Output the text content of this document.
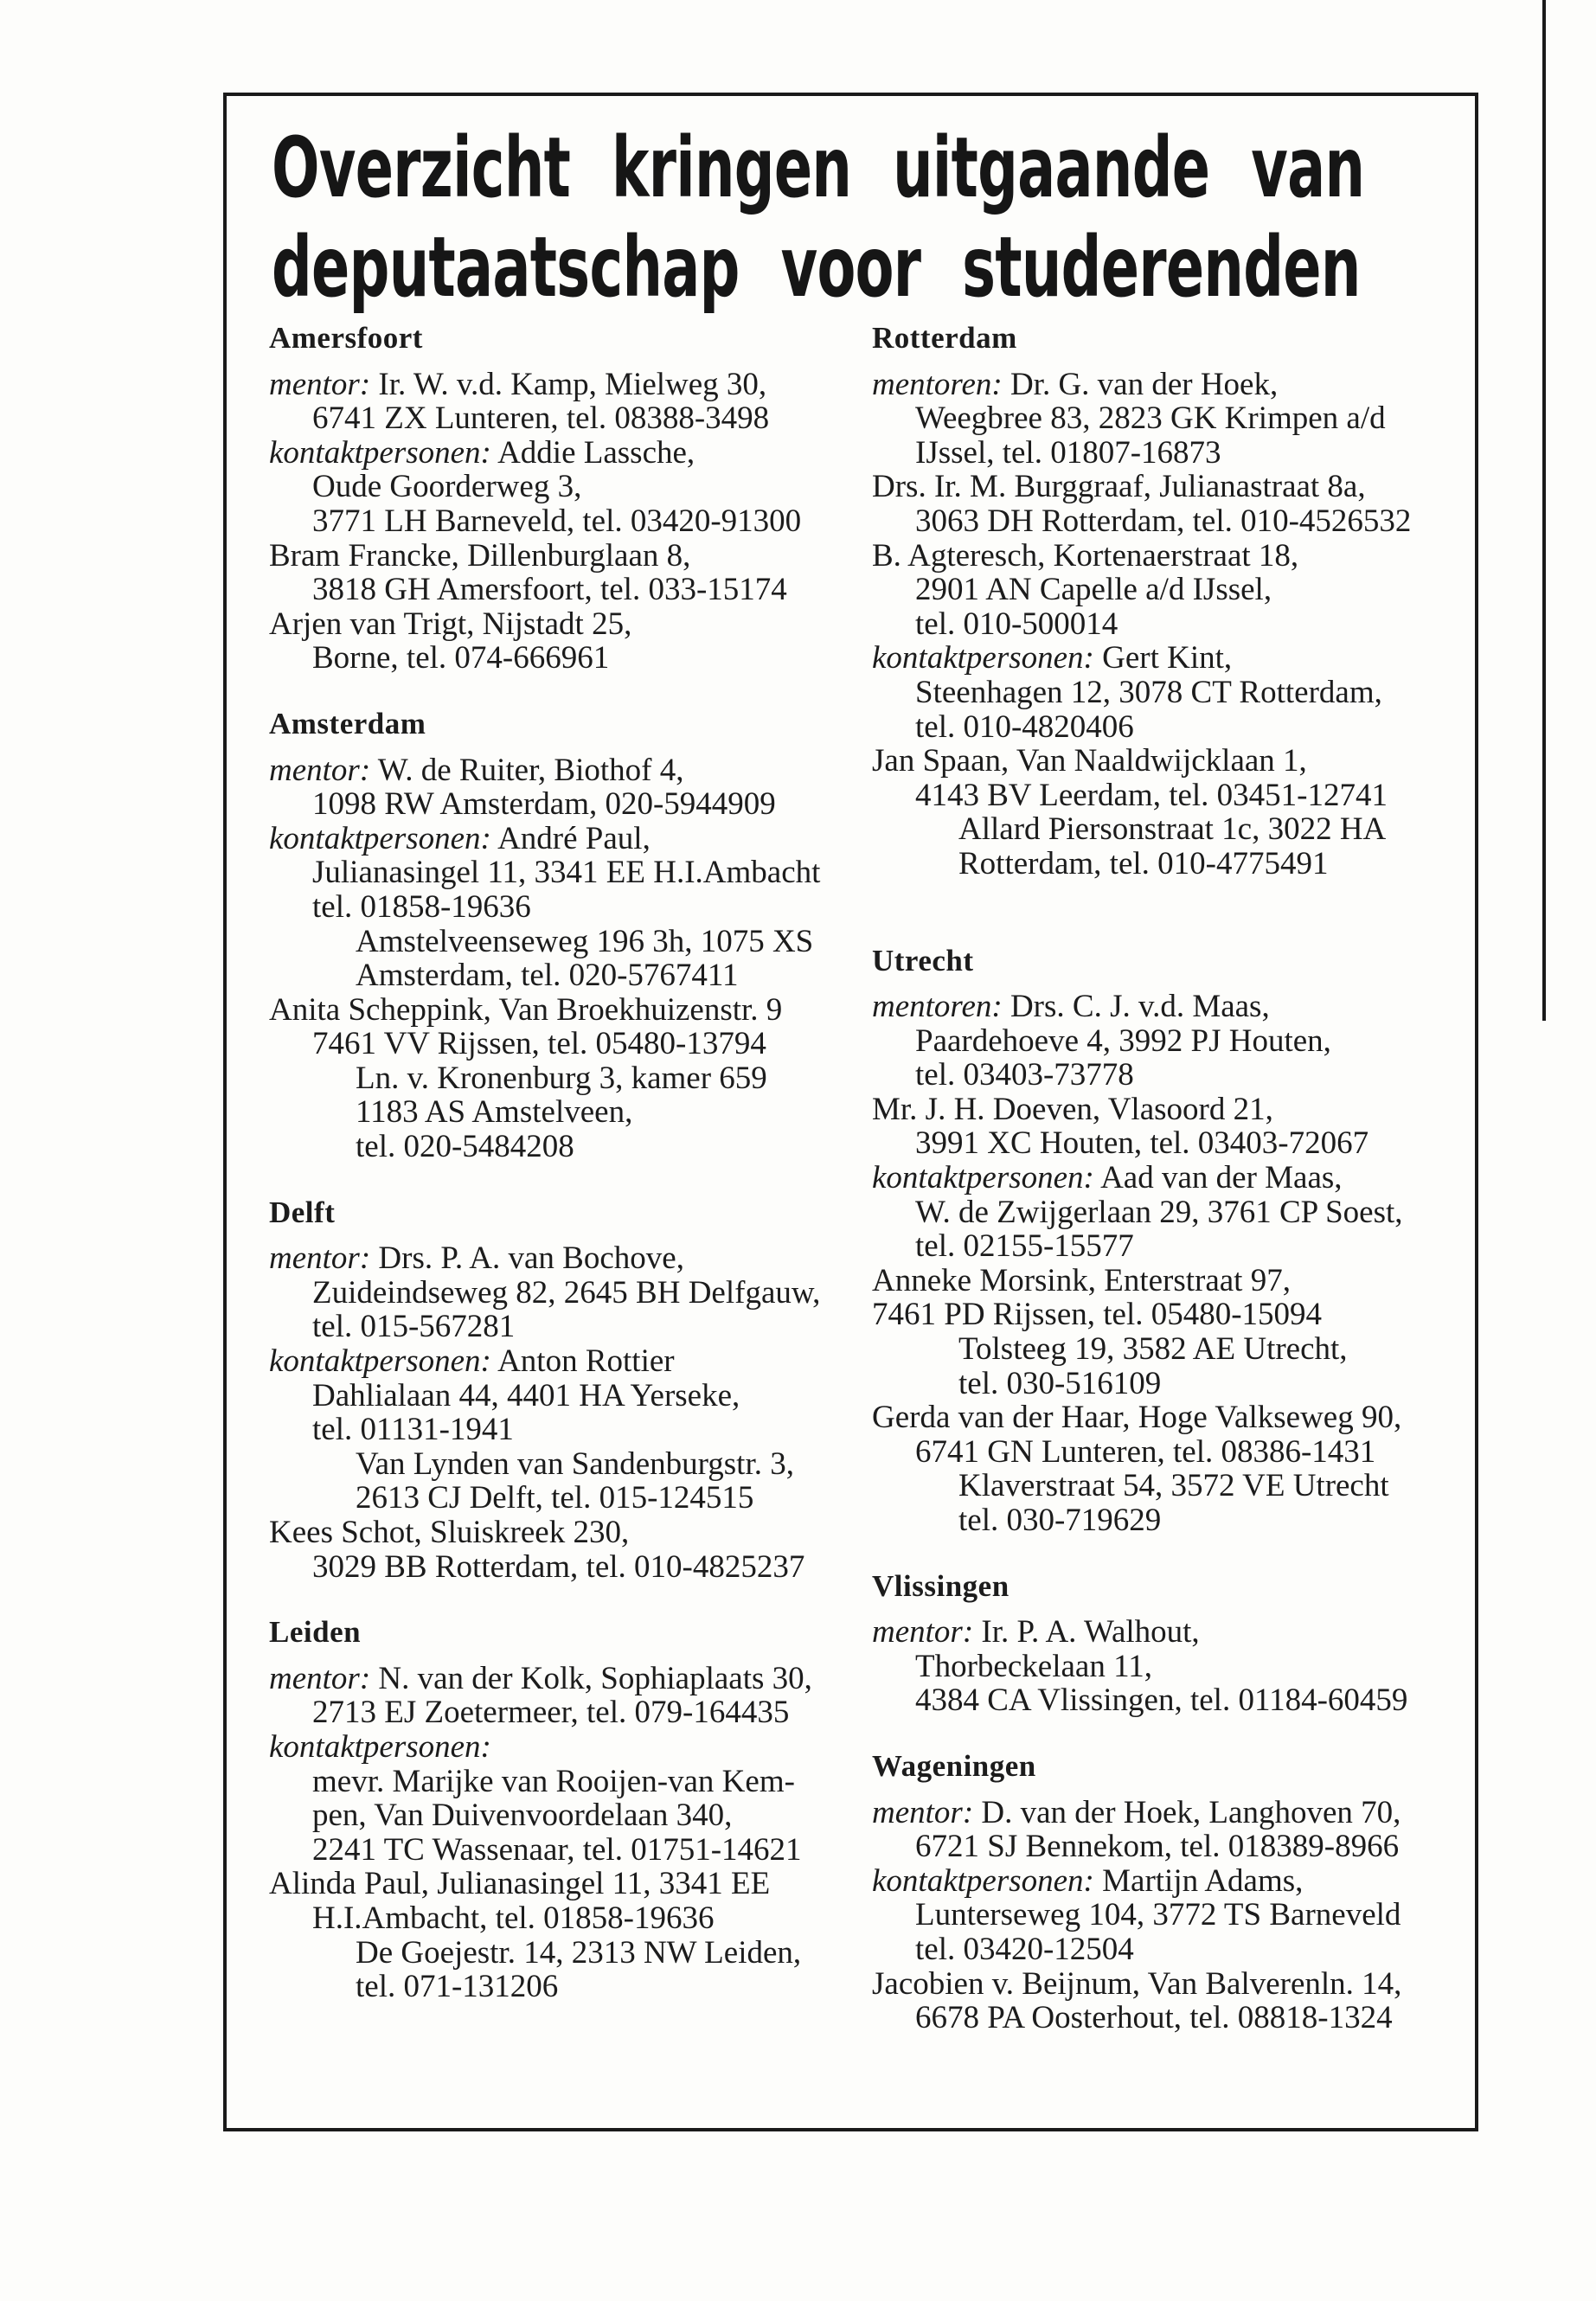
Overzicht kringen uitgaande van
deputaatschap voor studerenden
Amersfoort
mentor: Ir. W. v.d. Kamp, Mielweg 30,
6741 ZX Lunteren, tel. 08388-3498
kontaktpersonen: Addie Lassche,
Oude Goorderweg 3,
3771 LH Barneveld, tel. 03420-91300
Bram Francke, Dillenburglaan 8,
3818 GH Amersfoort, tel. 033-15174
Arjen van Trigt, Nijstadt 25,
Borne, tel. 074-666961
Amsterdam
mentor: W. de Ruiter, Biothof 4,
1098 RW Amsterdam, 020-5944909
kontaktpersonen: André Paul,
Julianasingel 11, 3341 EE H.I.Ambacht
tel. 01858-19636
Amstelveenseweg 196 3h, 1075 XS
Amsterdam, tel. 020-5767411
Anita Scheppink, Van Broekhuizenstr. 9
7461 VV Rijssen, tel. 05480-13794
Ln. v. Kronenburg 3, kamer 659
1183 AS Amstelveen,
tel. 020-5484208
Delft
mentor: Drs. P. A. van Bochove,
Zuideindseweg 82, 2645 BH Delfgauw,
tel. 015-567281
kontaktpersonen: Anton Rottier
Dahlialaan 44, 4401 HA Yerseke,
tel. 01131-1941
Van Lynden van Sandenburgstr. 3,
2613 CJ Delft, tel. 015-124515
Kees Schot, Sluiskreek 230,
3029 BB Rotterdam, tel. 010-4825237
Leiden
mentor: N. van der Kolk, Sophiaplaats 30,
2713 EJ Zoetermeer, tel. 079-164435
kontaktpersonen:
mevr. Marijke van Rooijen-van Kem-
pen, Van Duivenvoordelaan 340,
2241 TC Wassenaar, tel. 01751-14621
Alinda Paul, Julianasingel 11, 3341 EE
H.I.Ambacht, tel. 01858-19636
De Goejestr. 14, 2313 NW Leiden,
tel. 071-131206
Rotterdam
mentoren: Dr. G. van der Hoek,
Weegbree 83, 2823 GK Krimpen a/d
IJssel, tel. 01807-16873
Drs. Ir. M. Burggraaf, Julianastraat 8a,
3063 DH Rotterdam, tel. 010-4526532
B. Agteresch, Kortenaerstraat 18,
2901 AN Capelle a/d IJssel,
tel. 010-500014
kontaktpersonen: Gert Kint,
Steenhagen 12, 3078 CT Rotterdam,
tel. 010-4820406
Jan Spaan, Van Naaldwijcklaan 1,
4143 BV Leerdam, tel. 03451-12741
Allard Piersonstraat 1c, 3022 HA
Rotterdam, tel. 010-4775491
Utrecht
mentoren: Drs. C. J. v.d. Maas,
Paardehoeve 4, 3992 PJ Houten,
tel. 03403-73778
Mr. J. H. Doeven, Vlasoord 21,
3991 XC Houten, tel. 03403-72067
kontaktpersonen: Aad van der Maas,
W. de Zwijgerlaan 29, 3761 CP Soest,
tel. 02155-15577
Anneke Morsink, Enterstraat 97,
7461 PD Rijssen, tel. 05480-15094
Tolsteeg 19, 3582 AE Utrecht,
tel. 030-516109
Gerda van der Haar, Hoge Valkseweg 90,
6741 GN Lunteren, tel. 08386-1431
Klaverstraat 54, 3572 VE Utrecht
tel. 030-719629
Vlissingen
mentor: Ir. P. A. Walhout,
Thorbeckelaan 11,
4384 CA Vlissingen, tel. 01184-60459
Wageningen
mentor: D. van der Hoek, Langhoven 70,
6721 SJ Bennekom, tel. 018389-8966
kontaktpersonen: Martijn Adams,
Lunterseweg 104, 3772 TS Barneveld
tel. 03420-12504
Jacobien v. Beijnum, Van Balverenln. 14,
6678 PA Oosterhout, tel. 08818-1324
